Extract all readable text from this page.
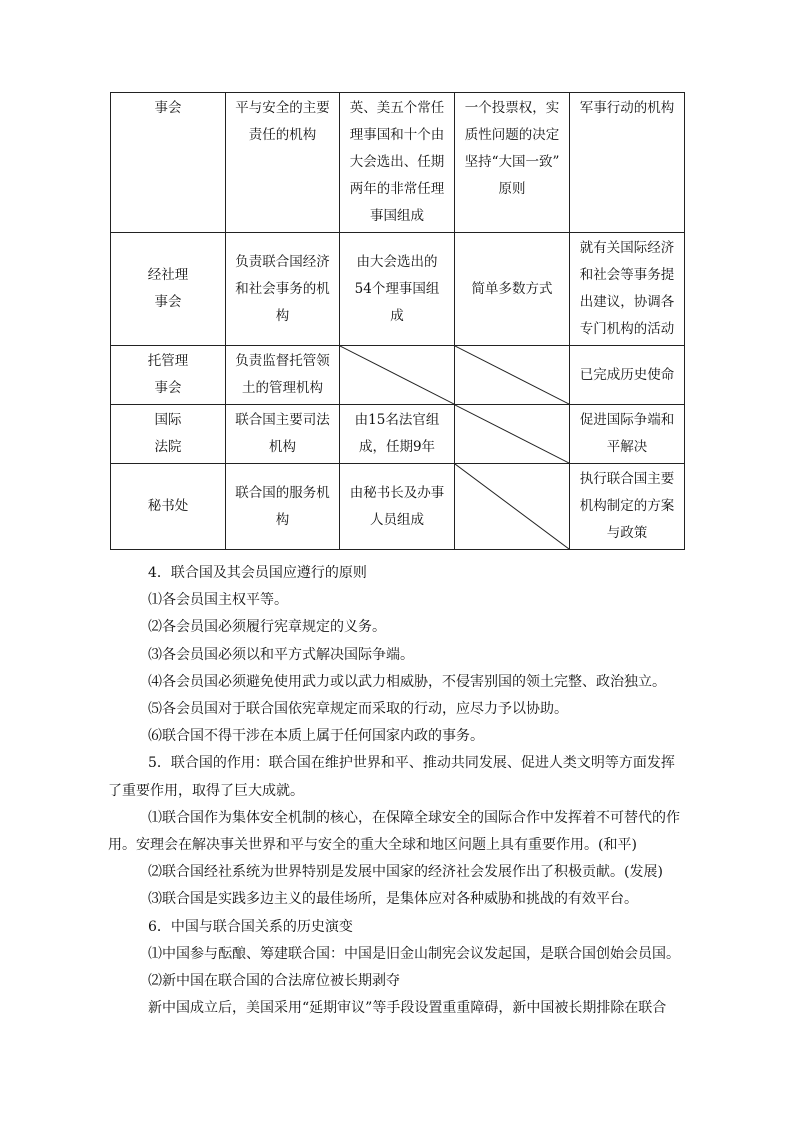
事会	平与安全的主要
责任的机构	英、美五个常任
理事国和十个由
大会选出、任期
两年的非常任理
事国组成	一个投票权，实
质性问题的决定
坚持“大国一致”
原则	军事行动的机构

经社理
事会	负责联合国经济
和社会事务的机
构	由大会选出的
54个理事国组
成	简单多数方式	就有关国际经济
和社会等事务提
出建议，协调各
专门机构的活动

托管理
事会	负责监督托管领
土的管理机构			已完成历史使命

国际
法院	联合国主要司法
机构	由15名法官组
成，任期9年		促进国际争端和
平解决

秘书处	联合国的服务机
构	由秘书长及办事
人员组成		执行联合国主要
机构制定的方案
与政策

4．联合国及其会员国应遵行的原则

⑴各会员国主权平等。

⑵各会员国必须履行宪章规定的义务。

⑶各会员国必须以和平方式解决国际争端。

⑷各会员国必须避免使用武力或以武力相威胁，不侵害别国的领土完整、政治独立。

⑸各会员国对于联合国依宪章规定而采取的行动，应尽力予以协助。

⑹联合国不得干涉在本质上属于任何国家内政的事务。

5．联合国的作用：联合国在维护世界和平、推动共同发展、促进人类文明等方面发挥了重要作用，取得了巨大成就。

⑴联合国作为集体安全机制的核心，在保障全球安全的国际合作中发挥着不可替代的作用。安理会在解决事关世界和平与安全的重大全球和地区问题上具有重要作用。(和平)

⑵联合国经社系统为世界特别是发展中国家的经济社会发展作出了积极贡献。(发展)

⑶联合国是实践多边主义的最佳场所，是集体应对各种威胁和挑战的有效平台。

6．中国与联合国关系的历史演变

⑴中国参与酝酿、筹建联合国：中国是旧金山制宪会议发起国，是联合国创始会员国。

⑵新中国在联合国的合法席位被长期剥夺

新中国成立后，美国采用“延期审议”等手段设置重重障碍，新中国被长期排除在联合
